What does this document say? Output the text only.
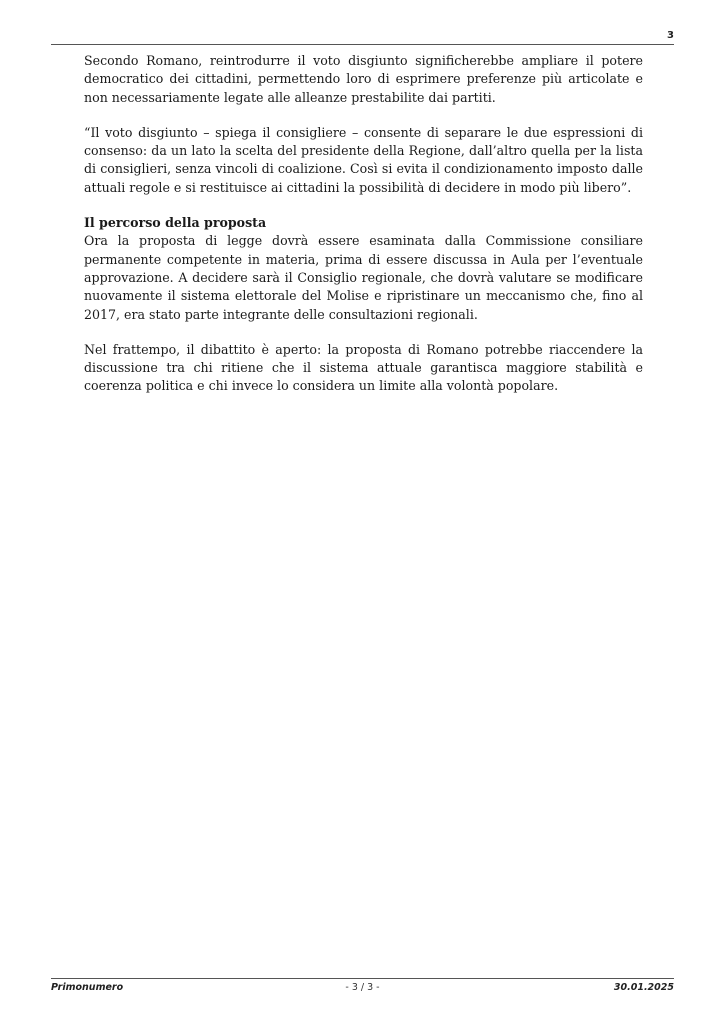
3

Secondo Romano, reintrodurre il voto disgiunto significherebbe ampliare il potere democratico dei cittadini, permettendo loro di esprimere preferenze più articolate e non necessariamente legate alle alleanze prestabilite dai partiti.

“Il voto disgiunto – spiega il consigliere – consente di separare le due espressioni di consenso: da un lato la scelta del presidente della Regione, dall’altro quella per la lista di consiglieri, senza vincoli di coalizione. Così si evita il condizionamento imposto dalle attuali regole e si restituisce ai cittadini la possibilità di decidere in modo più libero”.

Il percorso della proposta

Ora la proposta di legge dovrà essere esaminata dalla Commissione consiliare permanente competente in materia, prima di essere discussa in Aula per l’eventuale approvazione. A decidere sarà il Consiglio regionale, che dovrà valutare se modificare nuovamente il sistema elettorale del Molise e ripristinare un meccanismo che, fino al 2017, era stato parte integrante delle consultazioni regionali.

Nel frattempo, il dibattito è aperto: la proposta di Romano potrebbe riaccendere la discussione tra chi ritiene che il sistema attuale garantisca maggiore stabilità e coerenza politica e chi invece lo considera un limite alla volontà popolare.

Primonumero	- 3 / 3 -	30.01.2025
